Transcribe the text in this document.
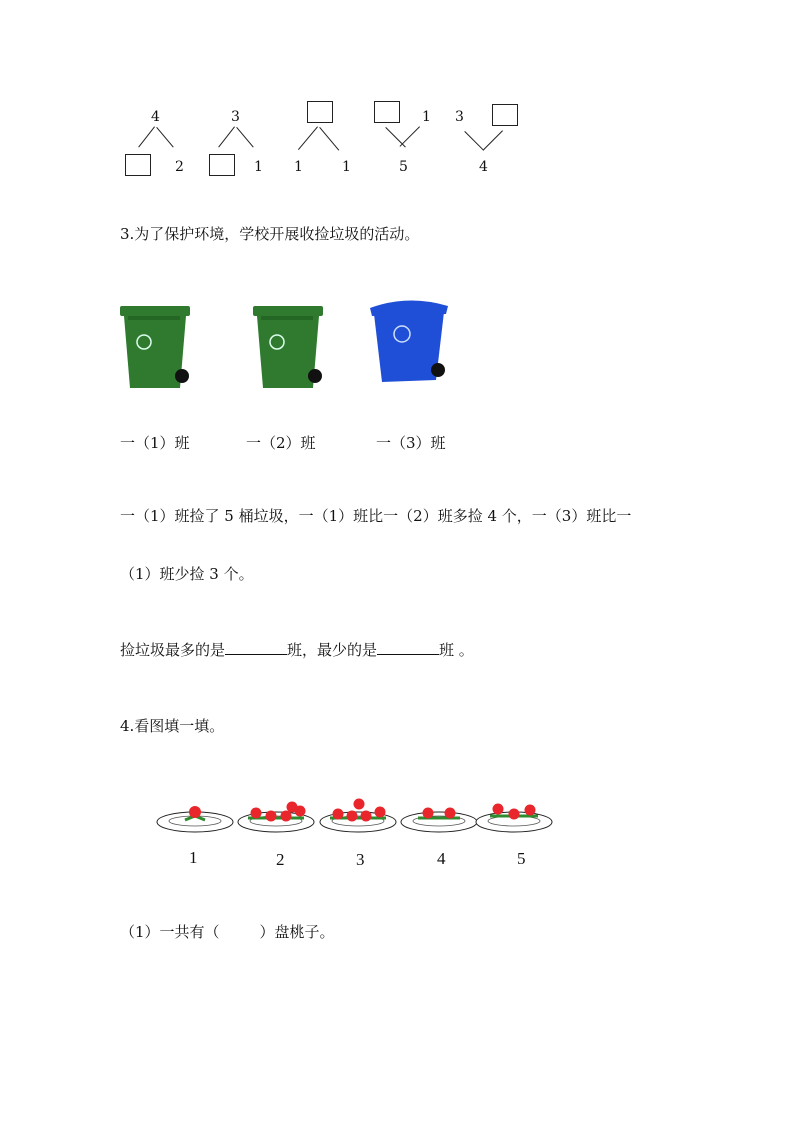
4
2
3
1 1	1
1
5
3
4
3.为了保护环境，学校开展收捡垃圾的活动。
一（1）班	一（2）班	一（3）班
一（1）班捡了 5 桶垃圾，一（1）班比一（2）班多捡 4 个，一（3）班比一
（1）班少捡 3 个。
捡垃圾最多的是	班，最少的是	班 。
4.看图填一填。
1	2	3	4	5
（1）一共有（	）盘桃子。
